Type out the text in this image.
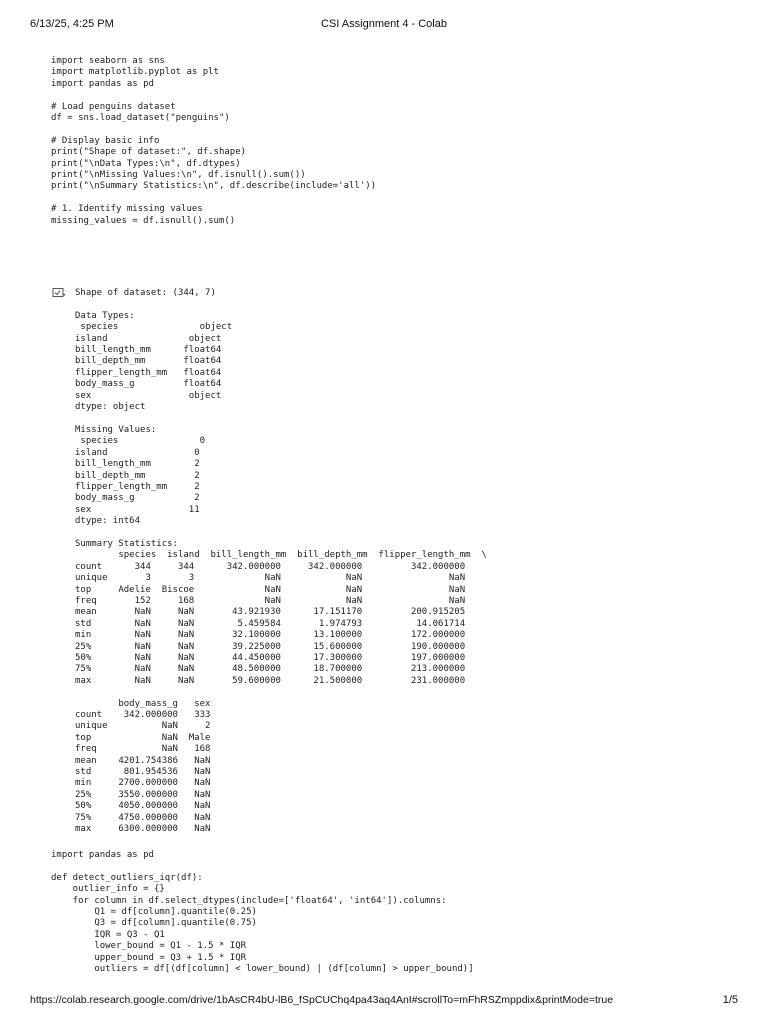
6/13/25, 4:25 PM	CSI Assignment 4 - Colab
import seaborn as sns
import matplotlib.pyplot as plt
import pandas as pd

# Load penguins dataset
df = sns.load_dataset("penguins")

# Display basic info
print("Shape of dataset:", df.shape)
print("\nData Types:\n", df.dtypes)
print("\nMissing Values:\n", df.isnull().sum())
print("\nSummary Statistics:\n", df.describe(include='all'))

# 1. Identify missing values
missing_values = df.isnull().sum()
Shape of dataset: (344, 7)

Data Types:
species               object
island               object
bill_length_mm      float64
bill_depth_mm       float64
flipper_length_mm   float64
body_mass_g         float64
sex                  object
dtype: object

Missing Values:
species               0
island                0
bill_length_mm        2
bill_depth_mm         2
flipper_length_mm     2
body_mass_g           2
sex                  11
dtype: int64

Summary Statistics:
species  island  bill_length_mm  bill_depth_mm  flipper_length_mm  \
count      344     344      342.000000     342.000000         342.000000
unique       3       3             NaN            NaN                NaN
top     Adelie  Biscoe             NaN            NaN                NaN
freq       152     168             NaN            NaN                NaN
mean       NaN     NaN       43.921930      17.151170         200.915205
std        NaN     NaN        5.459584       1.974793          14.061714
min        NaN     NaN       32.100000      13.100000         172.000000
25%        NaN     NaN       39.225000      15.600000         190.000000
50%        NaN     NaN       44.450000      17.300000         197.000000
75%        NaN     NaN       48.500000      18.700000         213.000000
max        NaN     NaN       59.600000      21.500000         231.000000

body_mass_g   sex
count    342.000000   333
unique          NaN     2
top             NaN  Male
freq            NaN   168
mean    4201.754386   NaN
std      801.954536   NaN
min     2700.000000   NaN
25%     3550.000000   NaN
50%     4050.000000   NaN
75%     4750.000000   NaN
max     6300.000000   NaN
import pandas as pd

def detect_outliers_iqr(df):
outlier_info = {}
for column in df.select_dtypes(include=['float64', 'int64']).columns:
Q1 = df[column].quantile(0.25)
Q3 = df[column].quantile(0.75)
IQR = Q3 - Q1
lower_bound = Q1 - 1.5 * IQR
upper_bound = Q3 + 1.5 * IQR
outliers = df[(df[column] < lower_bound) | (df[column] > upper_bound)]
https://colab.research.google.com/drive/1bAsCR4bU-lB6_fSpCUChq4pa43aq4AnI#scrollTo=mFhRSZmppdix&printMode=true	1/5
